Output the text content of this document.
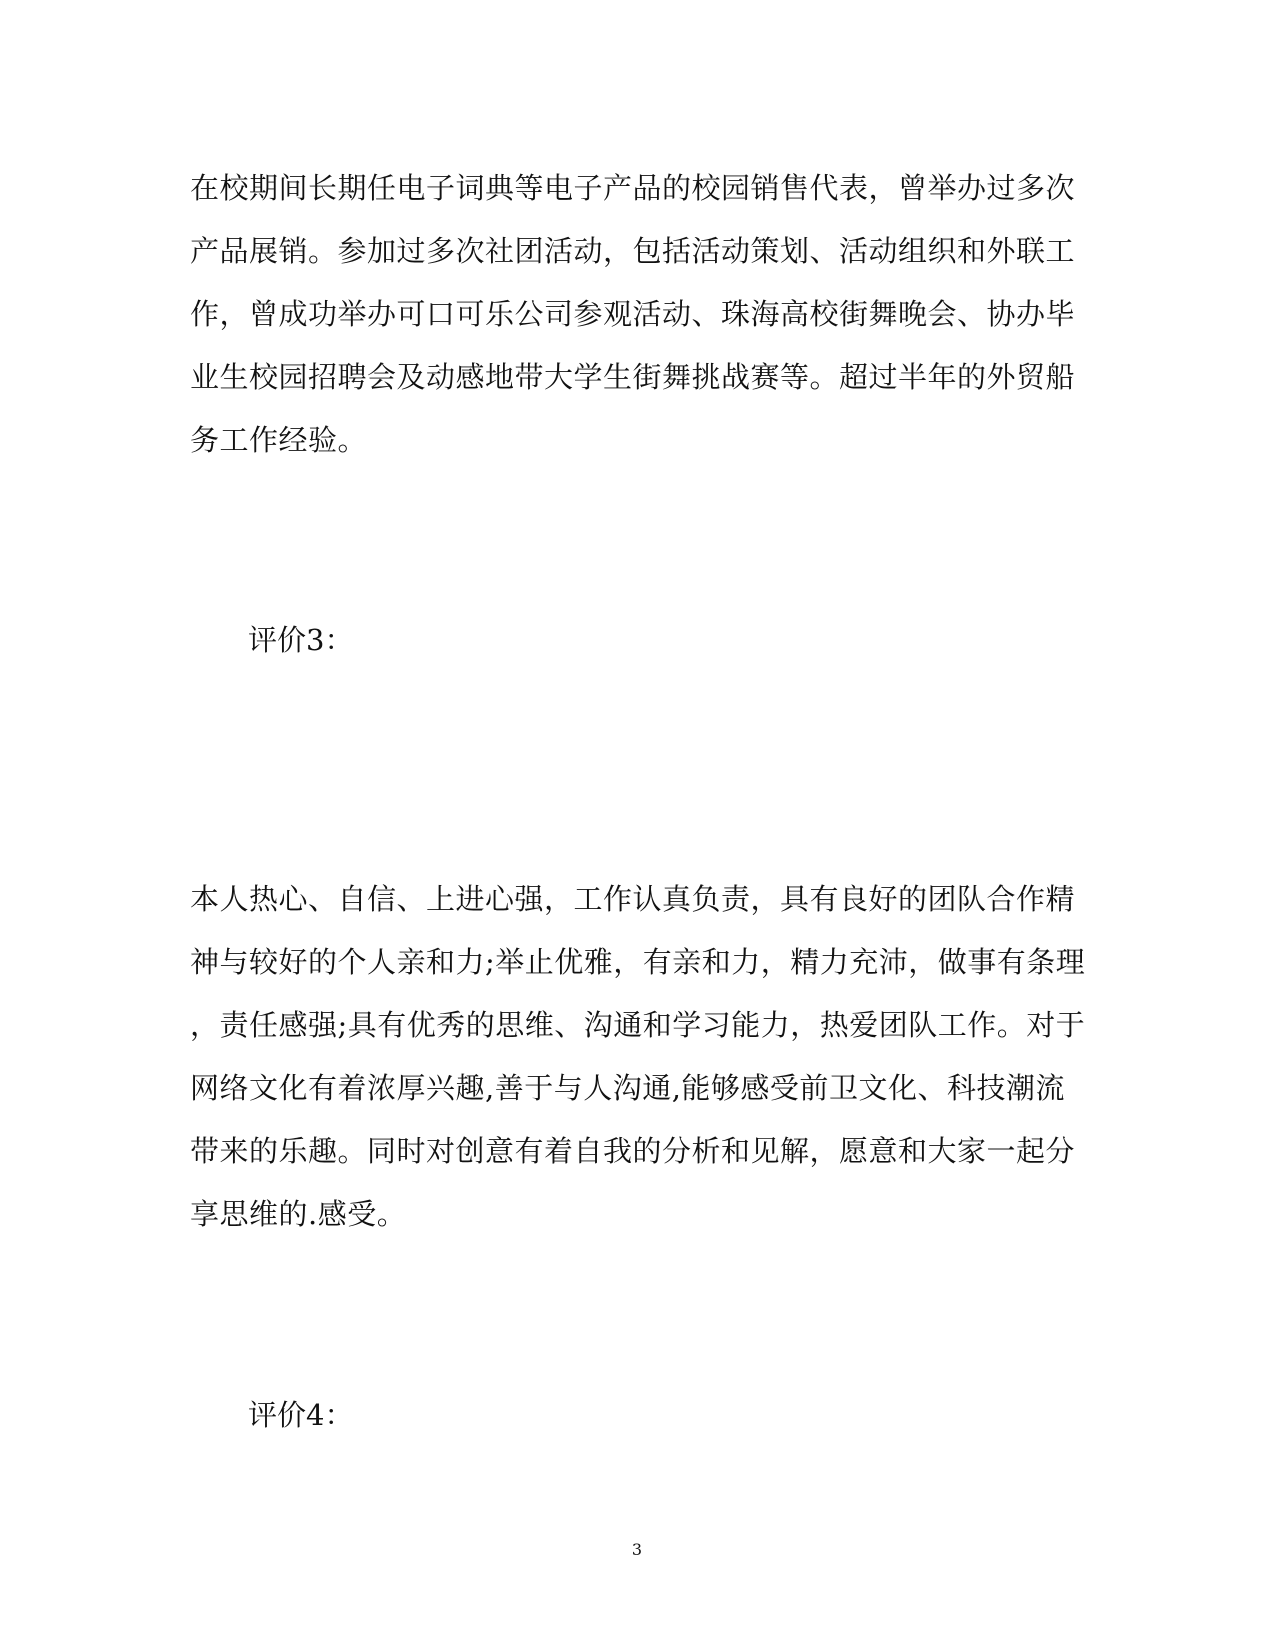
在校期间长期任电子词典等电子产品的校园销售代表，曾举办过多次
产品展销。参加过多次社团活动，包括活动策划、活动组织和外联工
作，曾成功举办可口可乐公司参观活动、珠海高校街舞晚会、协办毕
业生校园招聘会及动感地带大学生街舞挑战赛等。超过半年的外贸船
务工作经验。
评价3：
本人热心、自信、上进心强，工作认真负责，具有良好的团队合作精
神与较好的个人亲和力;举止优雅，有亲和力，精力充沛，做事有条理
，责任感强;具有优秀的思维、沟通和学习能力，热爱团队工作。对于
网络文化有着浓厚兴趣,善于与人沟通,能够感受前卫文化、科技潮流
带来的乐趣。同时对创意有着自我的分析和见解，愿意和大家一起分
享思维的.感受。
评价4：
3
